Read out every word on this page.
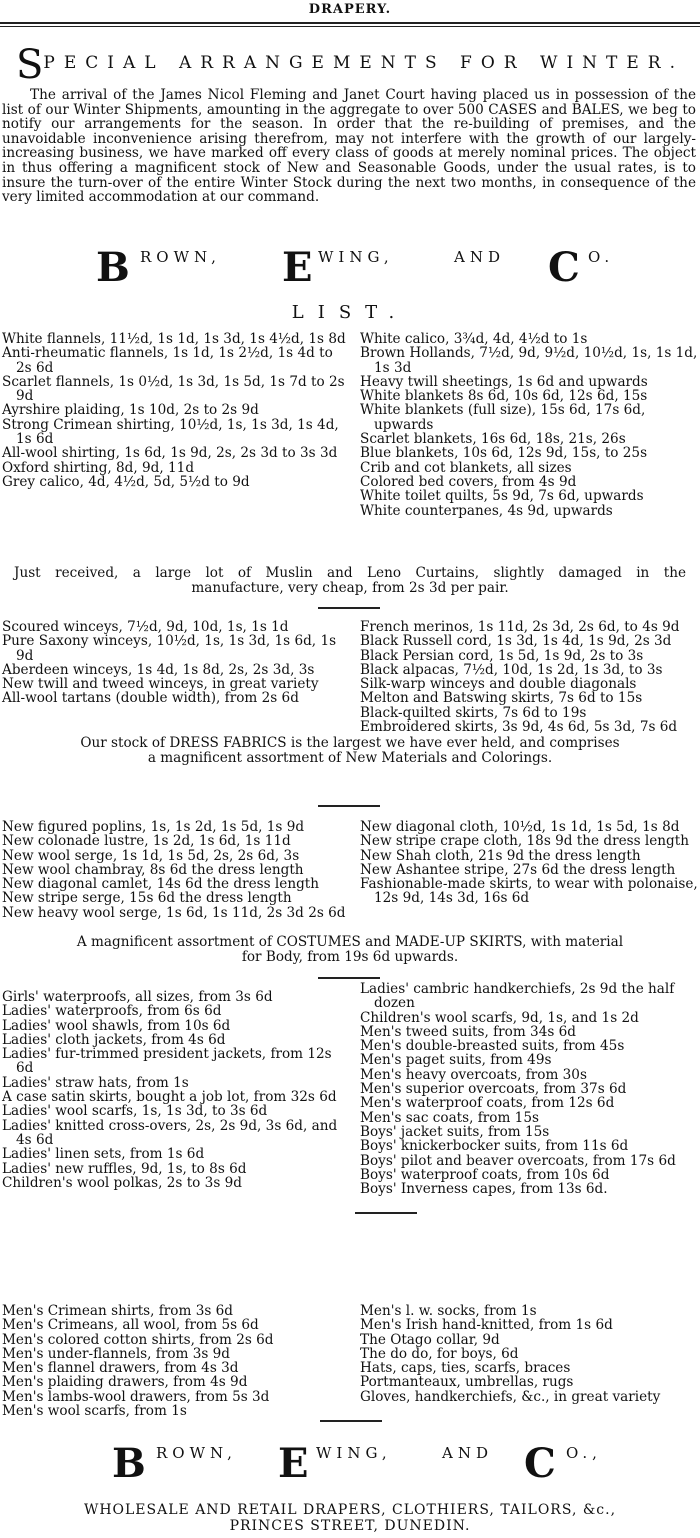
DRAPERY.
SPECIAL ARRANGEMENTS FOR WINTER.

The arrival of the James Nicol Fleming and Janet Court having placed us in possession of the list of our Winter Shipments, amounting in the aggregate to over 500 CASES and BALES, we beg to notify our arrangements for the season. In order that the re-building of premises, and the unavoidable inconvenience arising therefrom, may not interfere with the growth of our largely-increasing business, we have marked off every class of goods at merely nominal prices. The object in thus offering a magnificent stock of New and Seasonable Goods, under the usual rates, is to insure the turn-over of the entire Winter Stock during the next two months, in consequence of the very limited accommodation at our command.

B ROWN, E WING,	AND C O.
LIST.
White flannels, 11½d, 1s 1d, 1s 3d, 1s 4½d, 1s 8d
Anti-rheumatic flannels, 1s 1d, 1s 2½d, 1s 4d to 2s 6d
Scarlet flannels, 1s 0½d, 1s 3d, 1s 5d, 1s 7d to 2s 9d
Ayrshire plaiding, 1s 10d, 2s to 2s 9d
Strong Crimean shirting, 10½d, 1s, 1s 3d, 1s 4d, 1s 6d
All-wool shirting, 1s 6d, 1s 9d, 2s, 2s 3d to 3s 3d
Oxford shirting, 8d, 9d, 11d
Grey calico, 4d, 4½d, 5d, 5½d to 9d
White calico, 3¾d, 4d, 4½d to 1s
Brown Hollands, 7½d, 9d, 9½d, 10½d, 1s, 1s 1d, 1s 3d
Heavy twill sheetings, 1s 6d and upwards
White blankets 8s 6d, 10s 6d, 12s 6d, 15s
White blankets (full size), 15s 6d, 17s 6d, upwards
Scarlet blankets, 16s 6d, 18s, 21s, 26s
Blue blankets, 10s 6d, 12s 9d, 15s, to 25s
Crib and cot blankets, all sizes
Colored bed covers, from 4s 9d
White toilet quilts, 5s 9d, 7s 6d, upwards
White counterpanes, 4s 9d, upwards
Just received, a large lot of Muslin and Leno Curtains, slightly damaged in the
manufacture, very cheap, from 2s 3d per pair.
Scoured winceys, 7½d, 9d, 10d, 1s, 1s 1d
Pure Saxony winceys, 10½d, 1s, 1s 3d, 1s 6d, 1s 9d
Aberdeen winceys, 1s 4d, 1s 8d, 2s, 2s 3d, 3s
New twill and tweed winceys, in great variety
All-wool tartans (double width), from 2s 6d
French merinos, 1s 11d, 2s 3d, 2s 6d, to 4s 9d
Black Russell cord, 1s 3d, 1s 4d, 1s 9d, 2s 3d
Black Persian cord, 1s 5d, 1s 9d, 2s to 3s
Black alpacas, 7½d, 10d, 1s 2d, 1s 3d, to 3s
Silk-warp winceys and double diagonals
Melton and Batswing skirts, 7s 6d to 15s
Black-quilted skirts, 7s 6d to 19s
Embroidered skirts, 3s 9d, 4s 6d, 5s 3d, 7s 6d
Our stock of DRESS FABRICS is the largest we have ever held, and comprises
a magnificent assortment of New Materials and Colorings.
New figured poplins, 1s, 1s 2d, 1s 5d, 1s 9d
New colonade lustre, 1s 2d, 1s 6d, 1s 11d
New wool serge, 1s 1d, 1s 5d, 2s, 2s 6d, 3s
New wool chambray, 8s 6d the dress length
New diagonal camlet, 14s 6d the dress length
New stripe serge, 15s 6d the dress length
New heavy wool serge, 1s 6d, 1s 11d, 2s 3d 2s 6d
New diagonal cloth, 10½d, 1s 1d, 1s 5d, 1s 8d
New stripe crape cloth, 18s 9d the dress length
New Shah cloth, 21s 9d the dress length
New Ashantee stripe, 27s 6d the dress length
Fashionable-made skirts, to wear with polonaise, 12s 9d, 14s 3d, 16s 6d
A magnificent assortment of COSTUMES and MADE-UP SKIRTS, with material
for Body, from 19s 6d upwards.
Girls' waterproofs, all sizes, from 3s 6d
Ladies' waterproofs, from 6s 6d
Ladies' wool shawls, from 10s 6d
Ladies' cloth jackets, from 4s 6d
Ladies' fur-trimmed president jackets, from 12s 6d
Ladies' straw hats, from 1s
A case satin skirts, bought a job lot, from 32s 6d
Ladies' wool scarfs, 1s, 1s 3d, to 3s 6d
Ladies' knitted cross-overs, 2s, 2s 9d, 3s 6d, and 4s 6d
Ladies' linen sets, from 1s 6d
Ladies' new ruffles, 9d, 1s, to 8s 6d
Children's wool polkas, 2s to 3s 9d
Ladies' cambric handkerchiefs, 2s 9d the half dozen
Children's wool scarfs, 9d, 1s, and 1s 2d
Men's tweed suits, from 34s 6d
Men's double-breasted suits, from 45s
Men's paget suits, from 49s
Men's heavy overcoats, from 30s
Men's superior overcoats, from 37s 6d
Men's waterproof coats, from 12s 6d
Men's sac coats, from 15s
Boys' jacket suits, from 15s
Boys' knickerbocker suits, from 11s 6d
Boys' pilot and beaver overcoats, from 17s 6d
Boys' waterproof coats, from 10s 6d
Boys' Inverness capes, from 13s 6d.
Men's Crimean shirts, from 3s 6d
Men's Crimeans, all wool, from 5s 6d
Men's colored cotton shirts, from 2s 6d
Men's under-flannels, from 3s 9d
Men's flannel drawers, from 4s 3d
Men's plaiding drawers, from 4s 9d
Men's lambs-wool drawers, from 5s 3d
Men's wool scarfs, from 1s
Men's l. w. socks, from 1s
Men's Irish hand-knitted, from 1s 6d
The Otago collar, 9d
The do do, for boys, 6d
Hats, caps, ties, scarfs, braces
Portmanteaux, umbrellas, rugs
Gloves, handkerchiefs, &c., in great variety
B ROWN, E WING,	AND C O.,
WHOLESALE AND RETAIL DRAPERS, CLOTHIERS, TAILORS, &c.,
PRINCES STREET, DUNEDIN.
